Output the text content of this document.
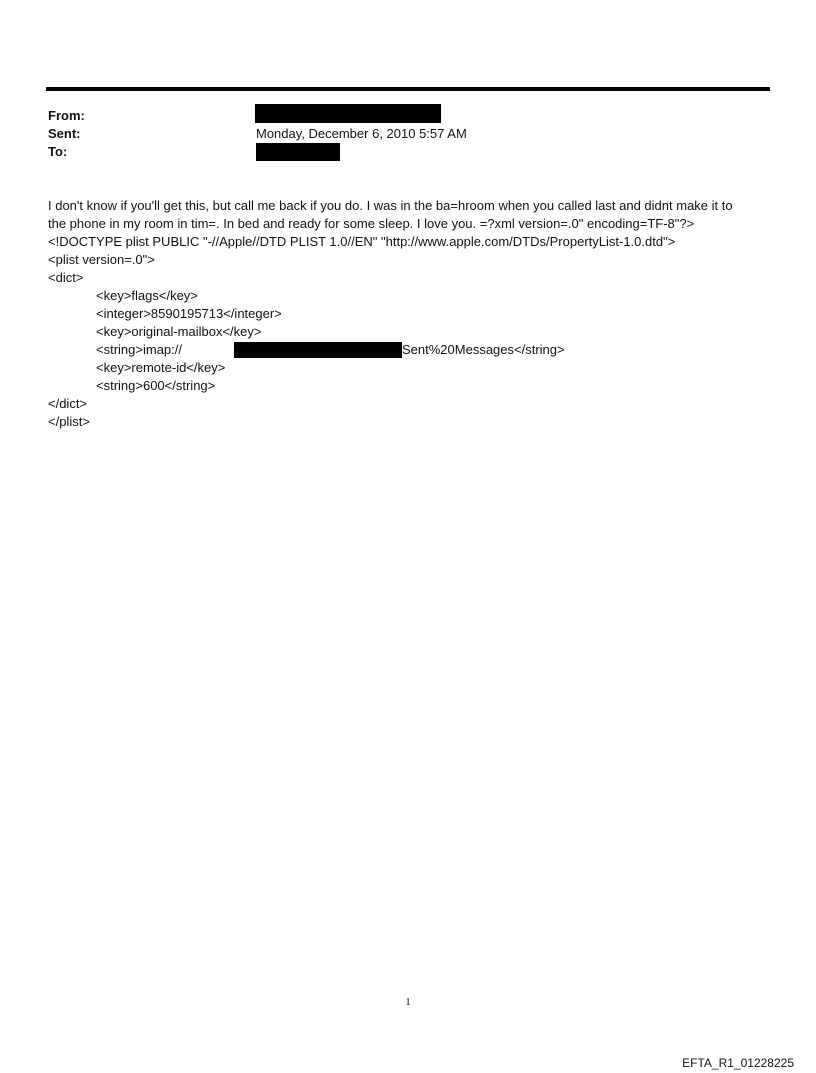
From:
Sent:	Monday, December 6, 2010 5:57 AM
To:
I don't know if you'll get this, but call me back if you do. I was in the ba=hroom when you called last and didnt make it to
the phone in my room in tim=. In bed and ready for some sleep. I love you. =?xml version=.0" encoding=TF-8"?>
<!DOCTYPE plist PUBLIC "-//Apple//DTD PLIST 1.0//EN" "http://www.apple.com/DTDs/PropertyList-1.0.dtd">
<plist version=.0">
<dict>
<key>flags</key>
<integer>8590195713</integer>
<key>original-mailbox</key>
<string>imap://	Sent%20Messages</string>
<key>remote-id</key>
<string>600</string>
</dict>
</plist>
1
EFTA_R1_01228225
